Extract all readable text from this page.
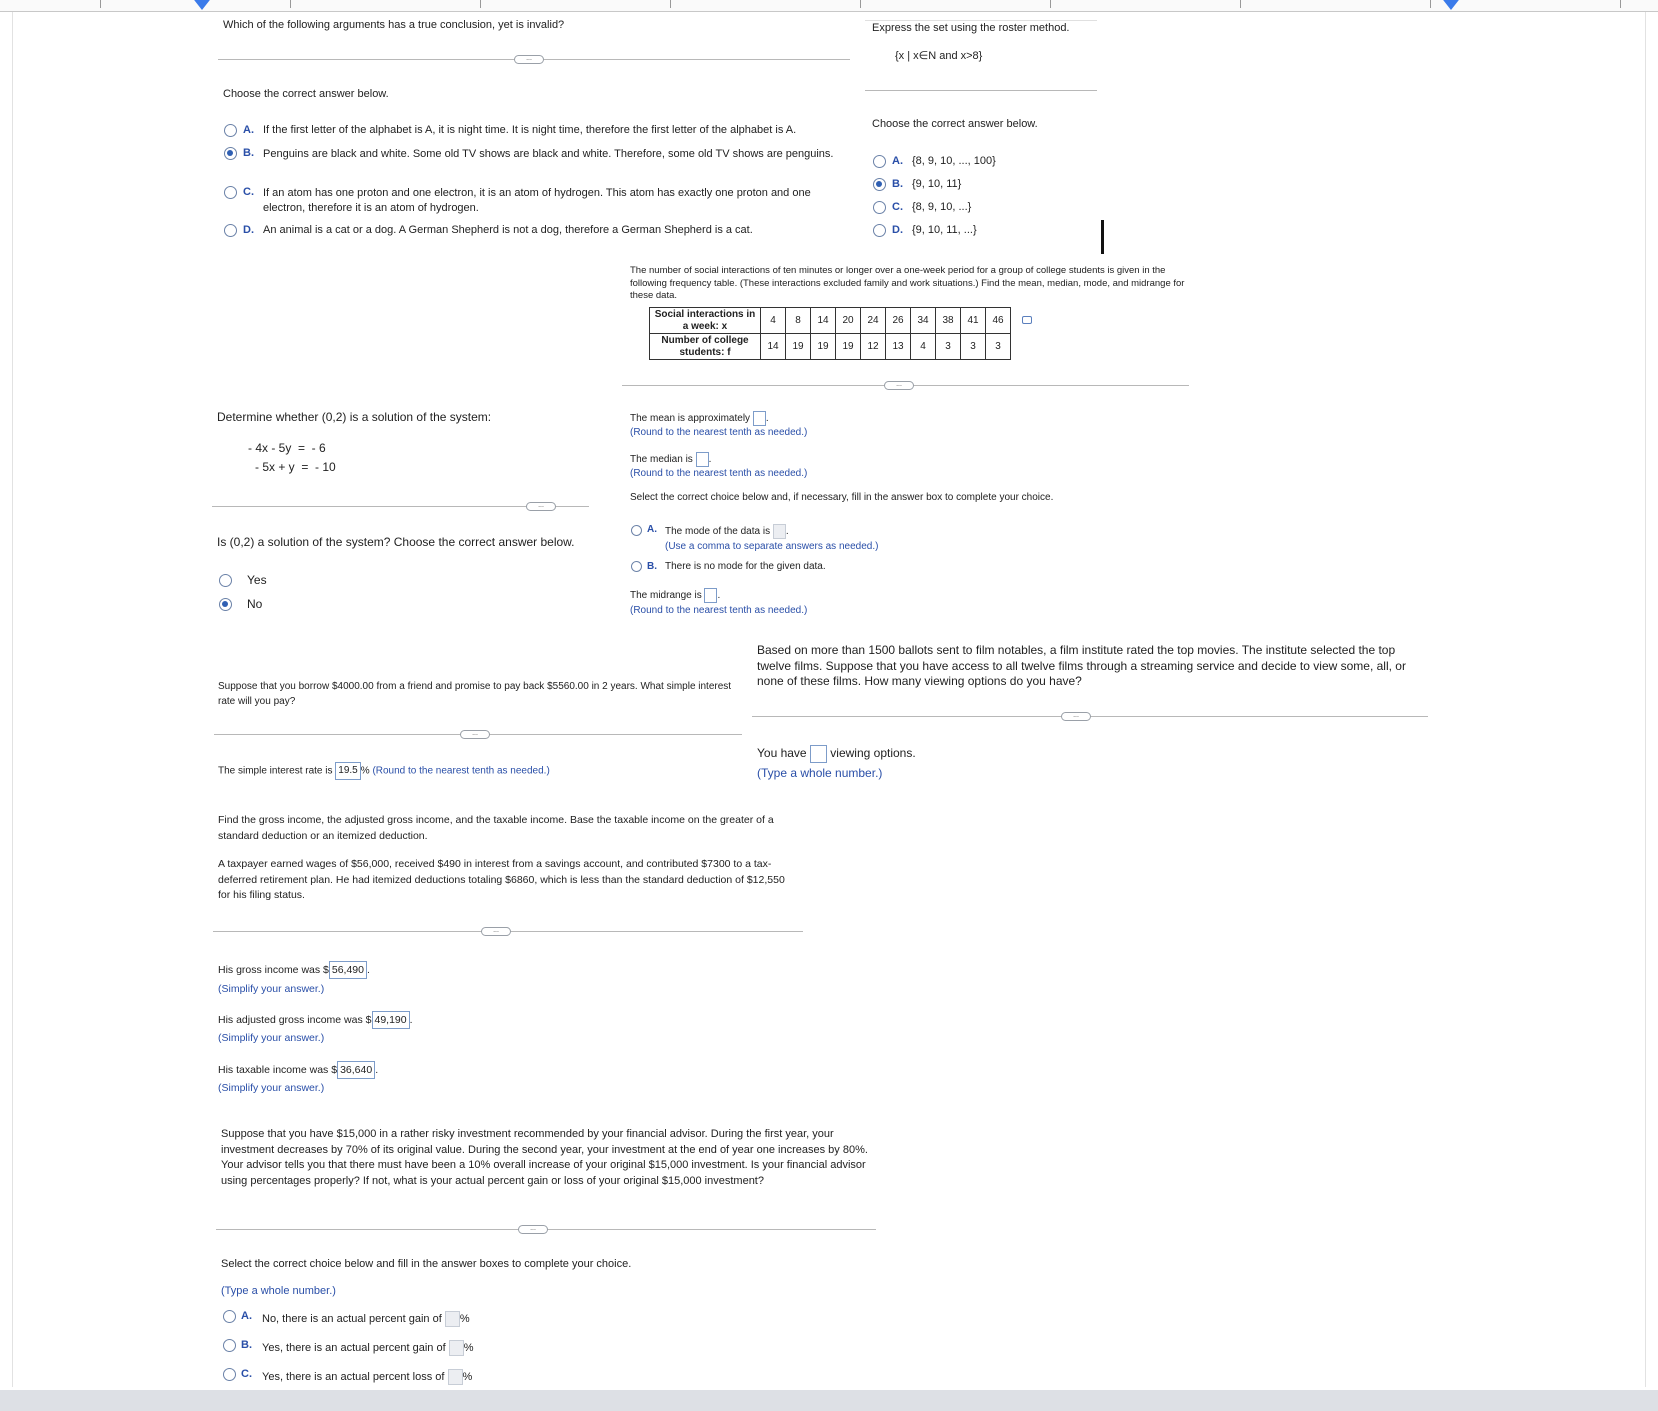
Which of the following arguments has a true conclusion, yet is invalid?
...
Choose the correct answer below.
A. If the first letter of the alphabet is A, it is night time. It is night time, therefore the first letter of the alphabet is A.
B. Penguins are black and white. Some old TV shows are black and white. Therefore, some old TV shows are penguins.
C. If an atom has one proton and one electron, it is an atom of hydrogen. This atom has exactly one proton and one electron, therefore it is an atom of hydrogen.
D. An animal is a cat or a dog. A German Shepherd is not a dog, therefore a German Shepherd is a cat.
Express the set using the roster method.
{x | x∈N and x>8}
Choose the correct answer below.
A. {8, 9, 10, ..., 100}
B. {9, 10, 11}
C. {8, 9, 10, ...}
D. {9, 10, 11, ...}
The number of social interactions of ten minutes or longer over a one-week period for a group of college students is given in the following frequency table. (These interactions excluded family and work situations.) Find the mean, median, mode, and midrange for these data.
Social interactions in a week: x	4	8	14	20	24	26	34	38	41	46
Number of college students: f	14	19	19	19	12	13	4	3	3	3
...
The mean is approximately .
(Round to the nearest tenth as needed.)
The median is .
(Round to the nearest tenth as needed.)
Select the correct choice below and, if necessary, fill in the answer box to complete your choice.
A. The mode of the data is .
(Use a comma to separate answers as needed.)
B. There is no mode for the given data.
The midrange is .
(Round to the nearest tenth as needed.)
Determine whether (0,2) is a solution of the system:
- 4x - 5y  =  - 6
- 5x + y  =  - 10
...
Is (0,2) a solution of the system? Choose the correct answer below.
Yes
No
Based on more than 1500 ballots sent to film notables, a film institute rated the top movies. The institute selected the top twelve films. Suppose that you have access to all twelve films through a streaming service and decide to view some, all, or none of these films. How many viewing options do you have?
...
You have viewing options.
(Type a whole number.)
Suppose that you borrow $4000.00 from a friend and promise to pay back $5560.00 in 2 years. What simple interest rate will you pay?
...
The simple interest rate is 19.5 % (Round to the nearest tenth as needed.)
Find the gross income, the adjusted gross income, and the taxable income. Base the taxable income on the greater of a standard deduction or an itemized deduction.
A taxpayer earned wages of $56,000, received $490 in interest from a savings account, and contributed $7300 to a tax-deferred retirement plan. He had itemized deductions totaling $6860, which is less than the standard deduction of $12,550 for his filing status.
...
His gross income was $ 56,490 .
(Simplify your answer.)
His adjusted gross income was $ 49,190 .
(Simplify your answer.)
His taxable income was $ 36,640 .
(Simplify your answer.)
Suppose that you have $15,000 in a rather risky investment recommended by your financial advisor. During the first year, your investment decreases by 70% of its original value. During the second year, your investment at the end of year one increases by 80%. Your advisor tells you that there must have been a 10% overall increase of your original $15,000 investment. Is your financial advisor using percentages properly? If not, what is your actual percent gain or loss of your original $15,000 investment?
...
Select the correct choice below and fill in the answer boxes to complete your choice.
(Type a whole number.)
A. No, there is an actual percent gain of %
B. Yes, there is an actual percent gain of %
C. Yes, there is an actual percent loss of %
